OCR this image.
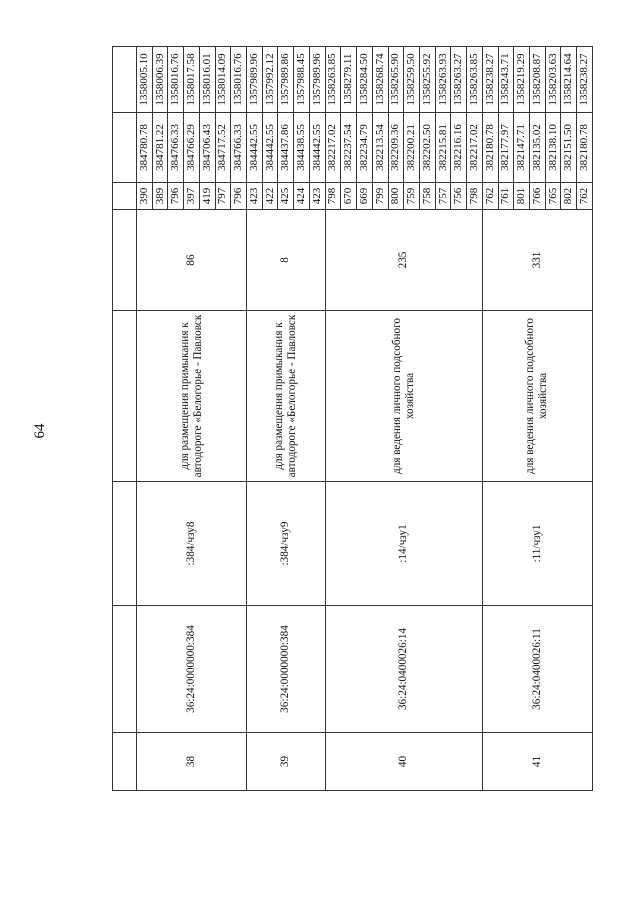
64

38	36:24:0000000:384	:384/чзу8	для размещения примыкания к автодороге «Белогорье - Павловск	86	390	384780.78	1358005.10
					389	384781.22	1358006.39
					796	384766.33	1358016.76
					397	384766.29	1358017.58
					419	384706.43	1358016.01
					797	384717.52	1358014.09
					796	384766.33	1358016.76
39	36:24:0000000:384	:384/чзу9	для размещения примыкания к автодороге «Белогорье - Павловск	8	423	384442.55	1357989.96
					422	384442.55	1357992.12
					425	384437.86	1357989.86
					424	384438.55	1357988.45
					423	384442.55	1357989.96
40	36:24:0400026:14	:14/чзу1	для ведения личного подсобного хозяйства	235	798	382217.02	1358263.85
					670	382237.54	1358279.11
					669	382234.79	1358284.50
					799	382213.54	1358268.74
					800	382209.36	1358265.90
					759	382200.21	1358259.50
					758	382202.50	1358255.92
					757	382215.81	1358263.93
					756	382216.16	1358263.27
					798	382217.02	1358263.85
41	36:24:0400026:11	:11/чзу1	для ведения личного подсобного хозяйства	331	762	382180.78	1358238.27
					761	382177.97	1358243.71
					801	382147.71	1358219.29
					766	382135.02	1358208.87
					765	382138.10	1358203.63
					802	382151.50	1358214.64
					762	382180.78	1358238.27
